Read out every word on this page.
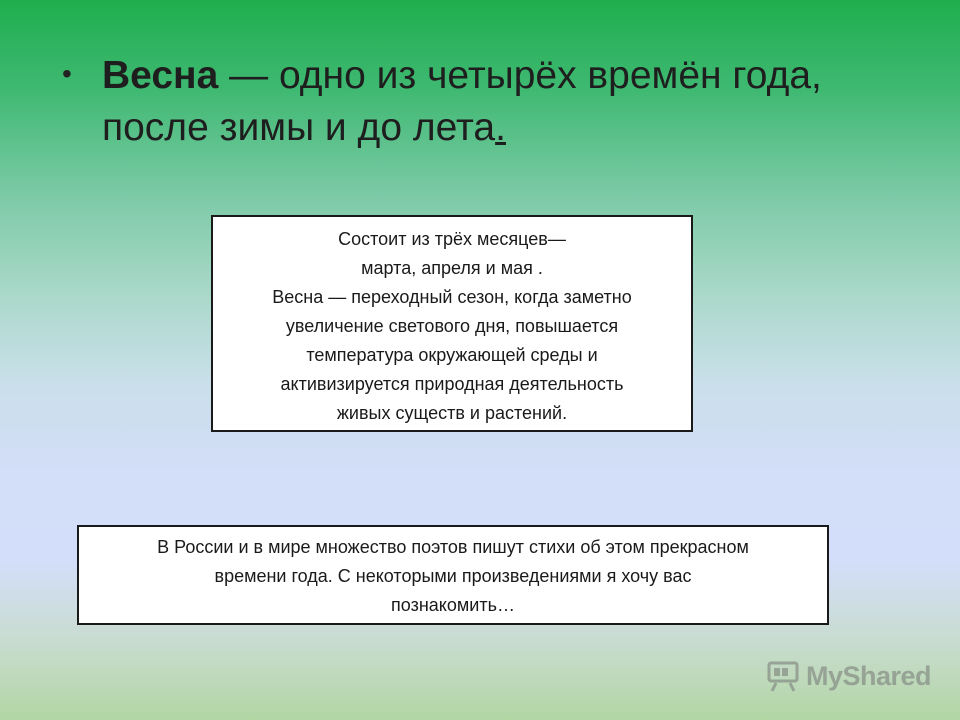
• Весна — одно из четырёх времён года,
после зимы и до лета.
Состоит из трёх месяцев—
марта, апреля и мая .
Весна — переходный сезон, когда заметно
увеличение светового дня, повышается
температура окружающей среды и
активизируется природная деятельность
живых существ и растений.
В России и в мире множество поэтов пишут стихи об этом прекрасном
времени года. С некоторыми произведениями я хочу вас
познакомить…
MyShared
